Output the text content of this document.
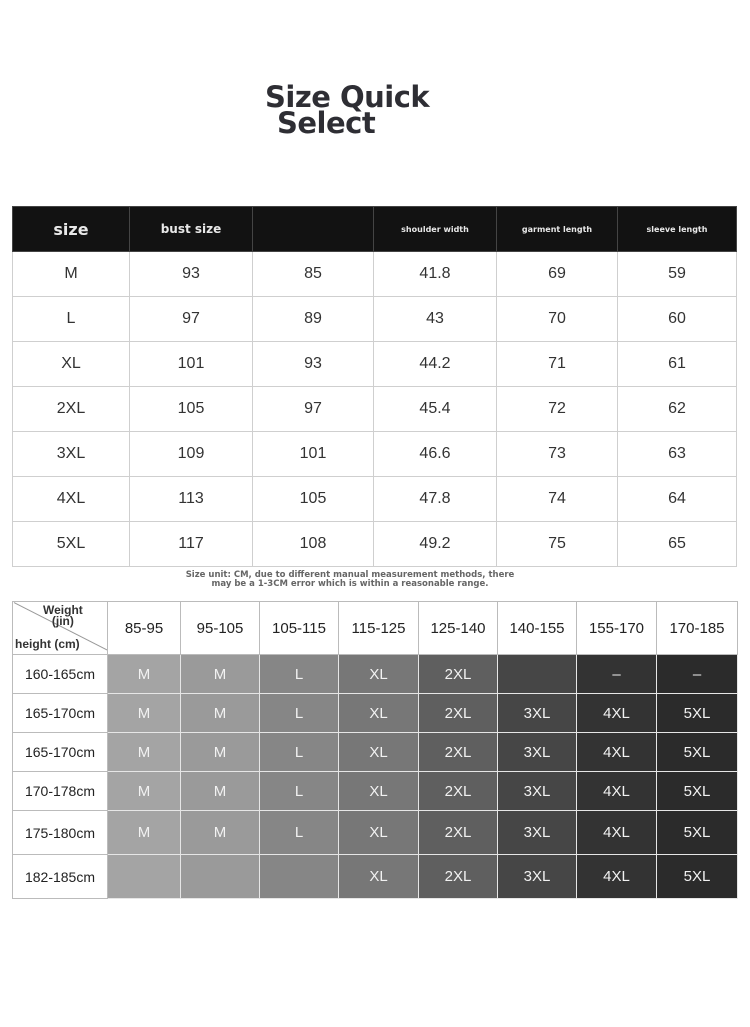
Size Quick
Select
size	bust size		shoulder width	garment length	sleeve length
M	93	85	41.8	69	59
L	97	89	43	70	60
XL	101	93	44.2	71	61
2XL	105	97	45.4	72	62
3XL	109	101	46.6	73	63
4XL	113	105	47.8	74	64
5XL	117	108	49.2	75	65
Size unit: CM, due to different manual measurement methods, there
may be a 1-3CM error which is within a reasonable range.
Weight
(jin)
height (cm)	85-95	95-105	105-115	115-125	125-140	140-155	155-170	170-185
160-165cm	M	M	L	XL	2XL		–	–
165-170cm	M	M	L	XL	2XL	3XL	4XL	5XL
165-170cm	M	M	L	XL	2XL	3XL	4XL	5XL
170-178cm	M	M	L	XL	2XL	3XL	4XL	5XL
175-180cm	M	M	L	XL	2XL	3XL	4XL	5XL
182-185cm				XL	2XL	3XL	4XL	5XL
